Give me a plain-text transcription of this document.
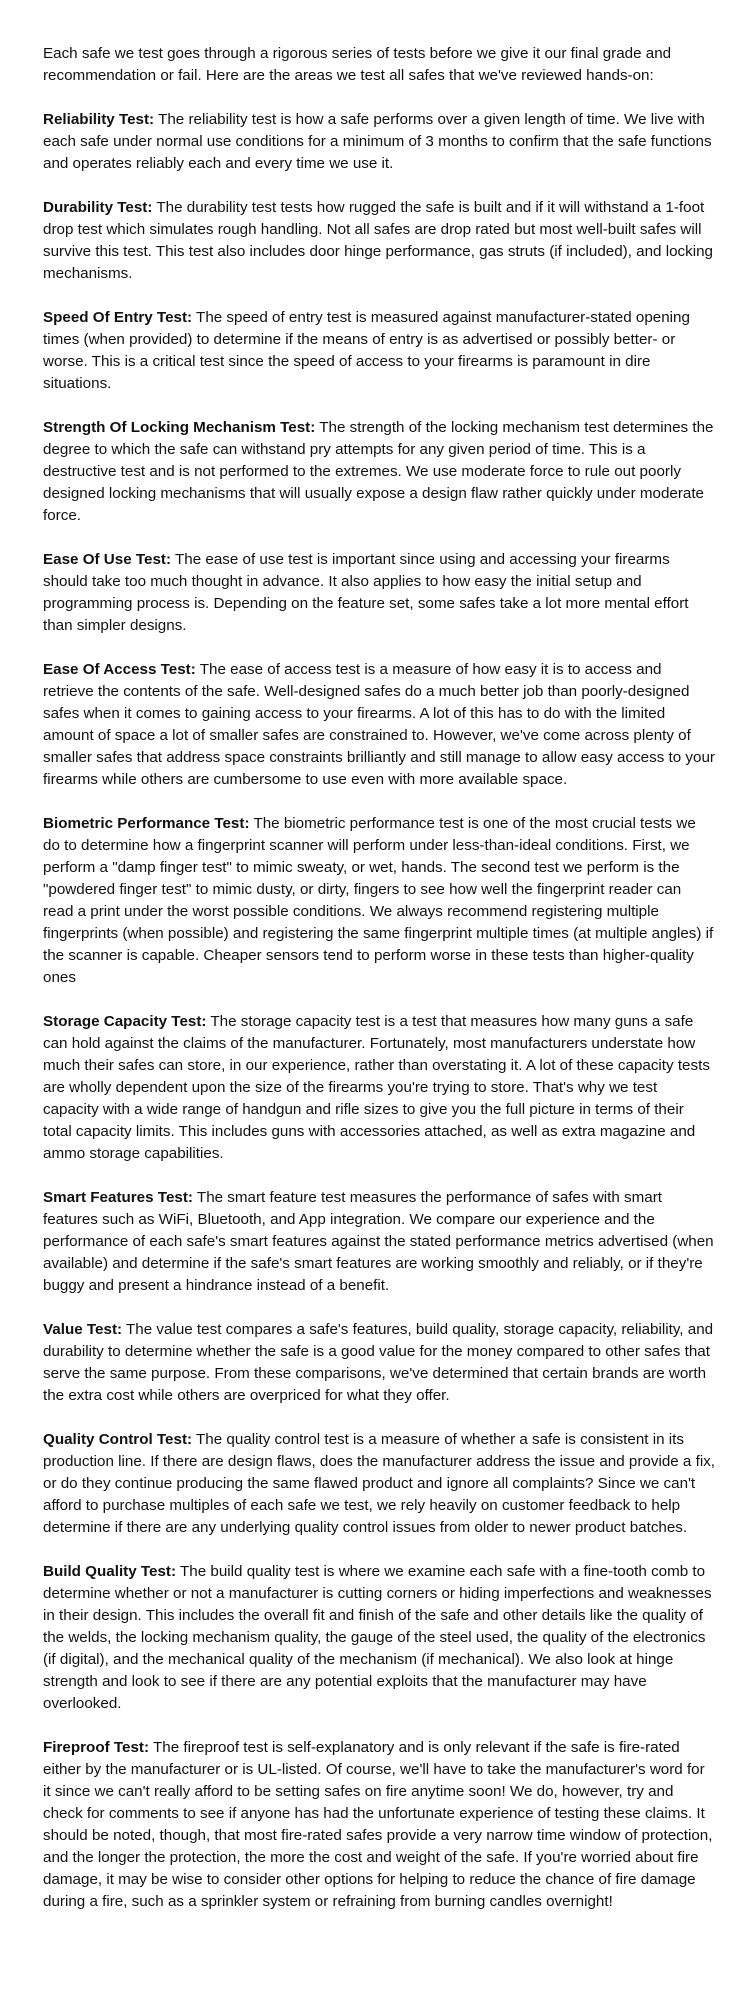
Each safe we test goes through a rigorous series of tests before we give it our final grade and recommendation or fail. Here are the areas we test all safes that we've reviewed hands-on:

Reliability Test: The reliability test is how a safe performs over a given length of time. We live with each safe under normal use conditions for a minimum of 3 months to confirm that the safe functions and operates reliably each and every time we use it.

Durability Test: The durability test tests how rugged the safe is built and if it will withstand a 1-foot drop test which simulates rough handling. Not all safes are drop rated but most well-built safes will survive this test. This test also includes door hinge performance, gas struts (if included), and locking mechanisms.

Speed Of Entry Test: The speed of entry test is measured against manufacturer-stated opening times (when provided) to determine if the means of entry is as advertised or possibly better- or worse. This is a critical test since the speed of access to your firearms is paramount in dire situations.

Strength Of Locking Mechanism Test: The strength of the locking mechanism test determines the degree to which the safe can withstand pry attempts for any given period of time. This is a destructive test and is not performed to the extremes. We use moderate force to rule out poorly designed locking mechanisms that will usually expose a design flaw rather quickly under moderate force.

Ease Of Use Test: The ease of use test is important since using and accessing your firearms should take too much thought in advance. It also applies to how easy the initial setup and programming process is. Depending on the feature set, some safes take a lot more mental effort than simpler designs.

Ease Of Access Test: The ease of access test is a measure of how easy it is to access and retrieve the contents of the safe. Well-designed safes do a much better job than poorly-designed safes when it comes to gaining access to your firearms. A lot of this has to do with the limited amount of space a lot of smaller safes are constrained to. However, we've come across plenty of smaller safes that address space constraints brilliantly and still manage to allow easy access to your firearms while others are cumbersome to use even with more available space.

Biometric Performance Test: The biometric performance test is one of the most crucial tests we do to determine how a fingerprint scanner will perform under less-than-ideal conditions. First, we perform a "damp finger test" to mimic sweaty, or wet, hands. The second test we perform is the "powdered finger test" to mimic dusty, or dirty, fingers to see how well the fingerprint reader can read a print under the worst possible conditions. We always recommend registering multiple fingerprints (when possible) and registering the same fingerprint multiple times (at multiple angles) if the scanner is capable. Cheaper sensors tend to perform worse in these tests than higher-quality ones

Storage Capacity Test: The storage capacity test is a test that measures how many guns a safe can hold against the claims of the manufacturer. Fortunately, most manufacturers understate how much their safes can store, in our experience, rather than overstating it. A lot of these capacity tests are wholly dependent upon the size of the firearms you're trying to store. That's why we test capacity with a wide range of handgun and rifle sizes to give you the full picture in terms of their total capacity limits. This includes guns with accessories attached, as well as extra magazine and ammo storage capabilities.

Smart Features Test: The smart feature test measures the performance of safes with smart features such as WiFi, Bluetooth, and App integration. We compare our experience and the performance of each safe's smart features against the stated performance metrics advertised (when available) and determine if the safe's smart features are working smoothly and reliably, or if they're buggy and present a hindrance instead of a benefit.

Value Test: The value test compares a safe's features, build quality, storage capacity, reliability, and durability to determine whether the safe is a good value for the money compared to other safes that serve the same purpose. From these comparisons, we've determined that certain brands are worth the extra cost while others are overpriced for what they offer.

Quality Control Test: The quality control test is a measure of whether a safe is consistent in its production line. If there are design flaws, does the manufacturer address the issue and provide a fix, or do they continue producing the same flawed product and ignore all complaints? Since we can't afford to purchase multiples of each safe we test, we rely heavily on customer feedback to help determine if there are any underlying quality control issues from older to newer product batches.

Build Quality Test: The build quality test is where we examine each safe with a fine-tooth comb to determine whether or not a manufacturer is cutting corners or hiding imperfections and weaknesses in their design. This includes the overall fit and finish of the safe and other details like the quality of the welds, the locking mechanism quality, the gauge of the steel used, the quality of the electronics (if digital), and the mechanical quality of the mechanism (if mechanical). We also look at hinge strength and look to see if there are any potential exploits that the manufacturer may have overlooked.

Fireproof Test: The fireproof test is self-explanatory and is only relevant if the safe is fire-rated either by the manufacturer or is UL-listed. Of course, we'll have to take the manufacturer's word for it since we can't really afford to be setting safes on fire anytime soon! We do, however, try and check for comments to see if anyone has had the unfortunate experience of testing these claims. It should be noted, though, that most fire-rated safes provide a very narrow time window of protection, and the longer the protection, the more the cost and weight of the safe. If you're worried about fire damage, it may be wise to consider other options for helping to reduce the chance of fire damage during a fire, such as a sprinkler system or refraining from burning candles overnight!
